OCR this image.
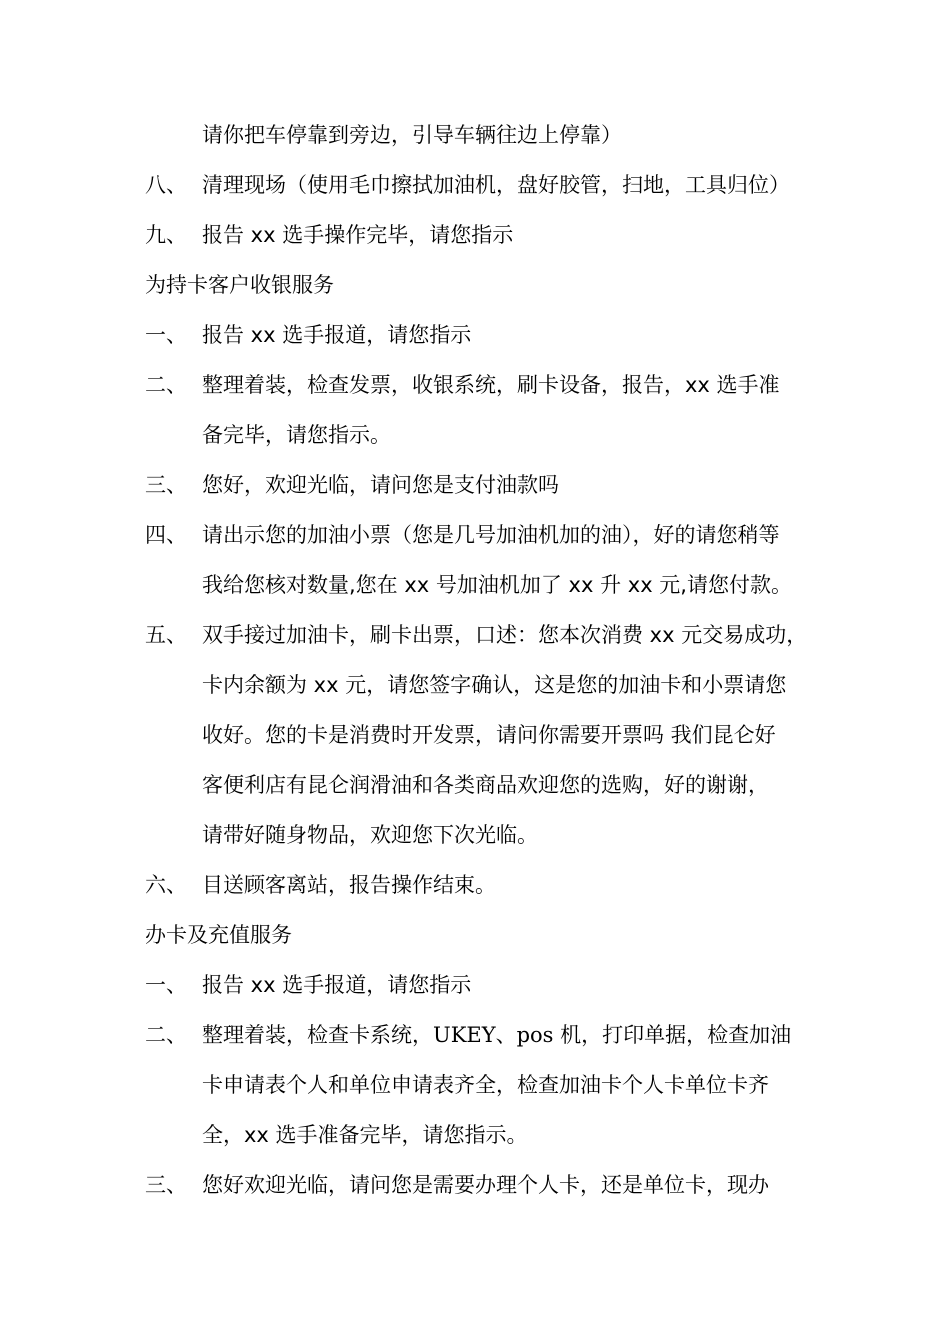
请你把车停靠到旁边，引导车辆往边上停靠）
八、 清理现场（使用毛巾擦拭加油机，盘好胶管，扫地，工具归位）
九、 报告 xx 选手操作完毕，请您指示
为持卡客户收银服务
一、 报告 xx 选手报道，请您指示
二、 整理着装，检查发票，收银系统，刷卡设备，报告，xx 选手准
备完毕，请您指示。
三、 您好，欢迎光临，请问您是支付油款吗
四、 请出示您的加油小票（您是几号加油机加的油），好的请您稍等
我给您核对数量,您在 xx 号加油机加了 xx 升 xx 元,请您付款。
五、 双手接过加油卡，刷卡出票，口述：您本次消费 xx 元交易成功，
卡内余额为 xx 元，请您签字确认，这是您的加油卡和小票请您
收好。您的卡是消费时开发票，请问你需要开票吗 我们昆仑好
客便利店有昆仑润滑油和各类商品欢迎您的选购，好的谢谢，
请带好随身物品，欢迎您下次光临。
六、 目送顾客离站，报告操作结束。
办卡及充值服务
一、 报告 xx 选手报道，请您指示
二、 整理着装，检查卡系统，UKEY、pos 机，打印单据，检查加油
卡申请表个人和单位申请表齐全，检查加油卡个人卡单位卡齐
全，xx 选手准备完毕，请您指示。
三、 您好欢迎光临，请问您是需要办理个人卡，还是单位卡，现办
